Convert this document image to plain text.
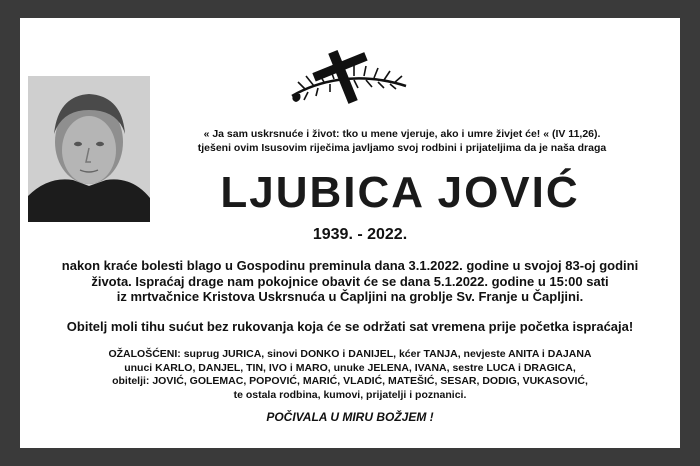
« Ja sam uskrsnuće i život: tko u mene vjeruje, ako i umre živjet će! « (IV 11,26).
tješeni ovim Isusovim riječima javljamo svoj rodbini i prijateljima da je naša draga
LJUBICA JOVIĆ
1939. - 2022.
nakon kraće bolesti blago u Gospodinu preminula dana 3.1.2022. godine u svojoj 83-oj godini
života. Ispraćaj drage nam pokojnice obavit će se dana 5.1.2022. godine u 15:00 sati
iz mrtvačnice Kristova Uskrsnuća u Čapljini na groblje Sv. Franje u Čapljini.
Obitelj moli tihu sućut bez rukovanja koja će se održati sat vremena prije početka ispraćaja!
OŽALOŠĆENI: suprug JURICA, sinovi DONKO i DANIJEL, kćer TANJA, nevjeste ANITA i DAJANA
unuci KARLO, DANJEL, TIN, IVO i MARO, unuke JELENA, IVANA, sestre LUCA i DRAGICA,
obitelji: JOVIĆ, GOLEMAC, POPOVIĆ, MARIĆ, VLADIĆ, MATEŠIĆ, SESAR, DODIG, VUKASOVIĆ,
te ostala rodbina, kumovi, prijatelji i poznanici.
POČIVALA U MIRU BOŽJEM !
